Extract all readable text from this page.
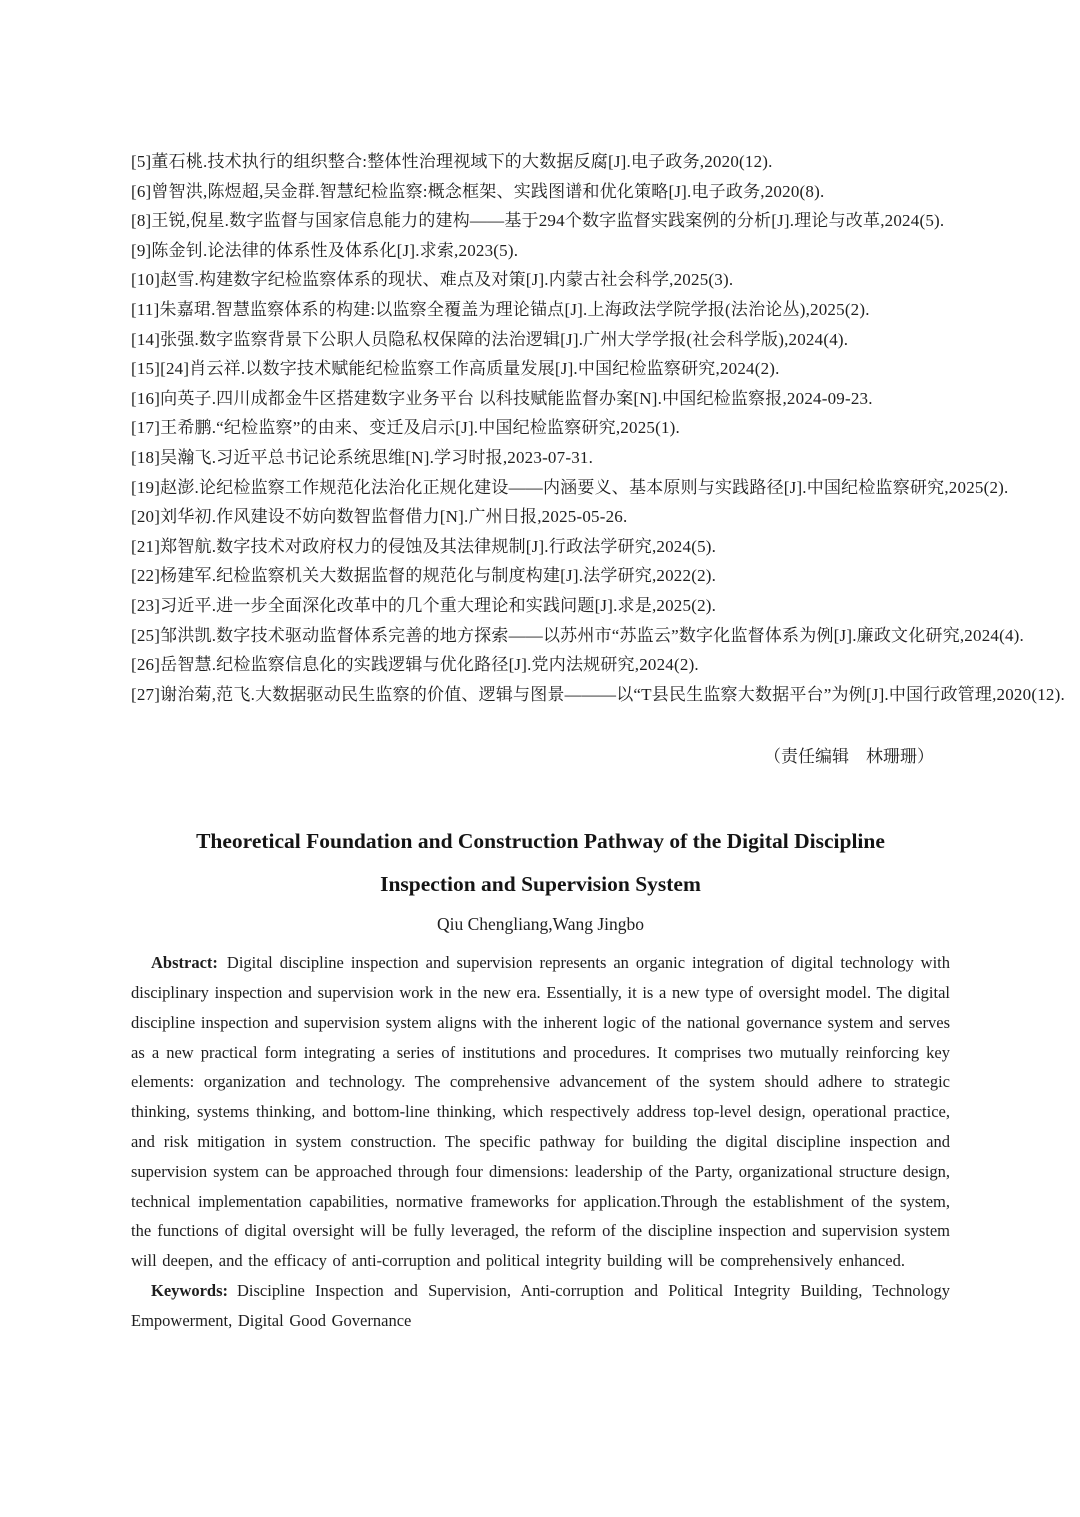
[5]董石桃.技术执行的组织整合:整体性治理视域下的大数据反腐[J].电子政务,2020(12).

[6]曾智洪,陈煜超,吴金群.智慧纪检监察:概念框架、实践图谱和优化策略[J].电子政务,2020(8).

[8]王锐,倪星.数字监督与国家信息能力的建构——基于294个数字监督实践案例的分析[J].理论与改革,2024(5).

[9]陈金钊.论法律的体系性及体系化[J].求索,2023(5).

[10]赵雪.构建数字纪检监察体系的现状、难点及对策[J].内蒙古社会科学,2025(3).

[11]朱嘉珺.智慧监察体系的构建:以监察全覆盖为理论锚点[J].上海政法学院学报(法治论丛),2025(2).

[14]张强.数字监察背景下公职人员隐私权保障的法治逻辑[J].广州大学学报(社会科学版),2024(4).

[15][24]肖云祥.以数字技术赋能纪检监察工作高质量发展[J].中国纪检监察研究,2024(2).

[16]向英子.四川成都金牛区搭建数字业务平台 以科技赋能监督办案[N].中国纪检监察报,2024-09-23.

[17]王希鹏.“纪检监察”的由来、变迁及启示[J].中国纪检监察研究,2025(1).

[18]吴瀚飞.习近平总书记论系统思维[N].学习时报,2023-07-31.

[19]赵澎.论纪检监察工作规范化法治化正规化建设——内涵要义、基本原则与实践路径[J].中国纪检监察研究,2025(2).

[20]刘华初.作风建设不妨向数智监督借力[N].广州日报,2025-05-26.

[21]郑智航.数字技术对政府权力的侵蚀及其法律规制[J].行政法学研究,2024(5).

[22]杨建军.纪检监察机关大数据监督的规范化与制度构建[J].法学研究,2022(2).

[23]习近平.进一步全面深化改革中的几个重大理论和实践问题[J].求是,2025(2).

[25]邹洪凯.数字技术驱动监督体系完善的地方探索——以苏州市“苏监云”数字化监督体系为例[J].廉政文化研究,2024(4).

[26]岳智慧.纪检监察信息化的实践逻辑与优化路径[J].党内法规研究,2024(2).

[27]谢治菊,范飞.大数据驱动民生监察的价值、逻辑与图景———以“T县民生监察大数据平台”为例[J].中国行政管理,2020(12).

（责任编辑　林珊珊）

Theoretical Foundation and Construction Pathway of the Digital Discipline
Inspection and Supervision System

Qiu Chengliang,Wang Jingbo

Abstract: Digital discipline inspection and supervision represents an organic integration of digital technology with disciplinary inspection and supervision work in the new era. Essentially, it is a new type of oversight model. The digital discipline inspection and supervision system aligns with the inherent logic of the national governance system and serves as a new practical form integrating a series of institutions and procedures. It comprises two mutually reinforcing key elements: organization and technology. The comprehensive advancement of the system should adhere to strategic thinking, systems thinking, and bottom-line thinking, which respectively address top-level design, operational practice, and risk mitigation in system construction. The specific pathway for building the digital discipline inspection and supervision system can be approached through four dimensions: leadership of the Party, organizational structure design, technical implementation capabilities, normative frameworks for application.Through the establishment of the system, the functions of digital oversight will be fully leveraged, the reform of the discipline inspection and supervision system will deepen, and the efficacy of anti-corruption and political integrity building will be comprehensively enhanced.

Keywords: Discipline Inspection and Supervision, Anti-corruption and Political Integrity Building, Technology Empowerment, Digital Good Governance
